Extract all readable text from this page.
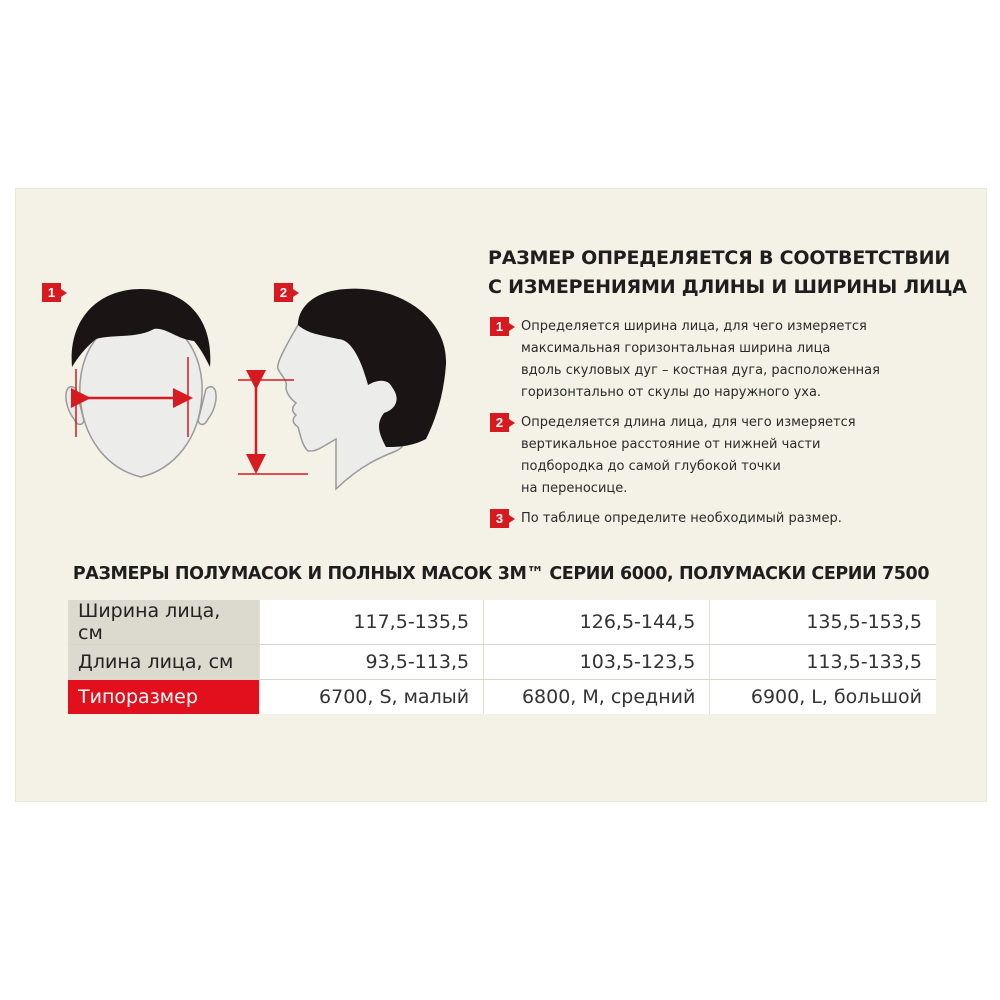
1	2
РАЗМЕР ОПРЕДЕЛЯЕТСЯ В СООТВЕТСТВИИ
С ИЗМЕРЕНИЯМИ ДЛИНЫ И ШИРИНЫ ЛИЦА
1	Определяется ширина лица, для чего измеряется
максимальная горизонтальная ширина лица
вдоль скуловых дуг – костная дуга, расположенная
горизонтально от скулы до наружного уха.
2	Определяется длина лица, для чего измеряется
вертикальное расстояние от нижней части
подбородка до самой глубокой точки
на переносице.
3	По таблице определите необходимый размер.
РАЗМЕРЫ ПОЛУМАСОК И ПОЛНЫХ МАСОК 3M™ СЕРИИ 6000, ПОЛУМАСКИ СЕРИИ 7500
Ширина лица, см	117,5-135,5	126,5-144,5	135,5-153,5
Длина лица, см	93,5-113,5	103,5-123,5	113,5-133,5
Типоразмер	6700, S, малый	6800, M, средний	6900, L, большой
